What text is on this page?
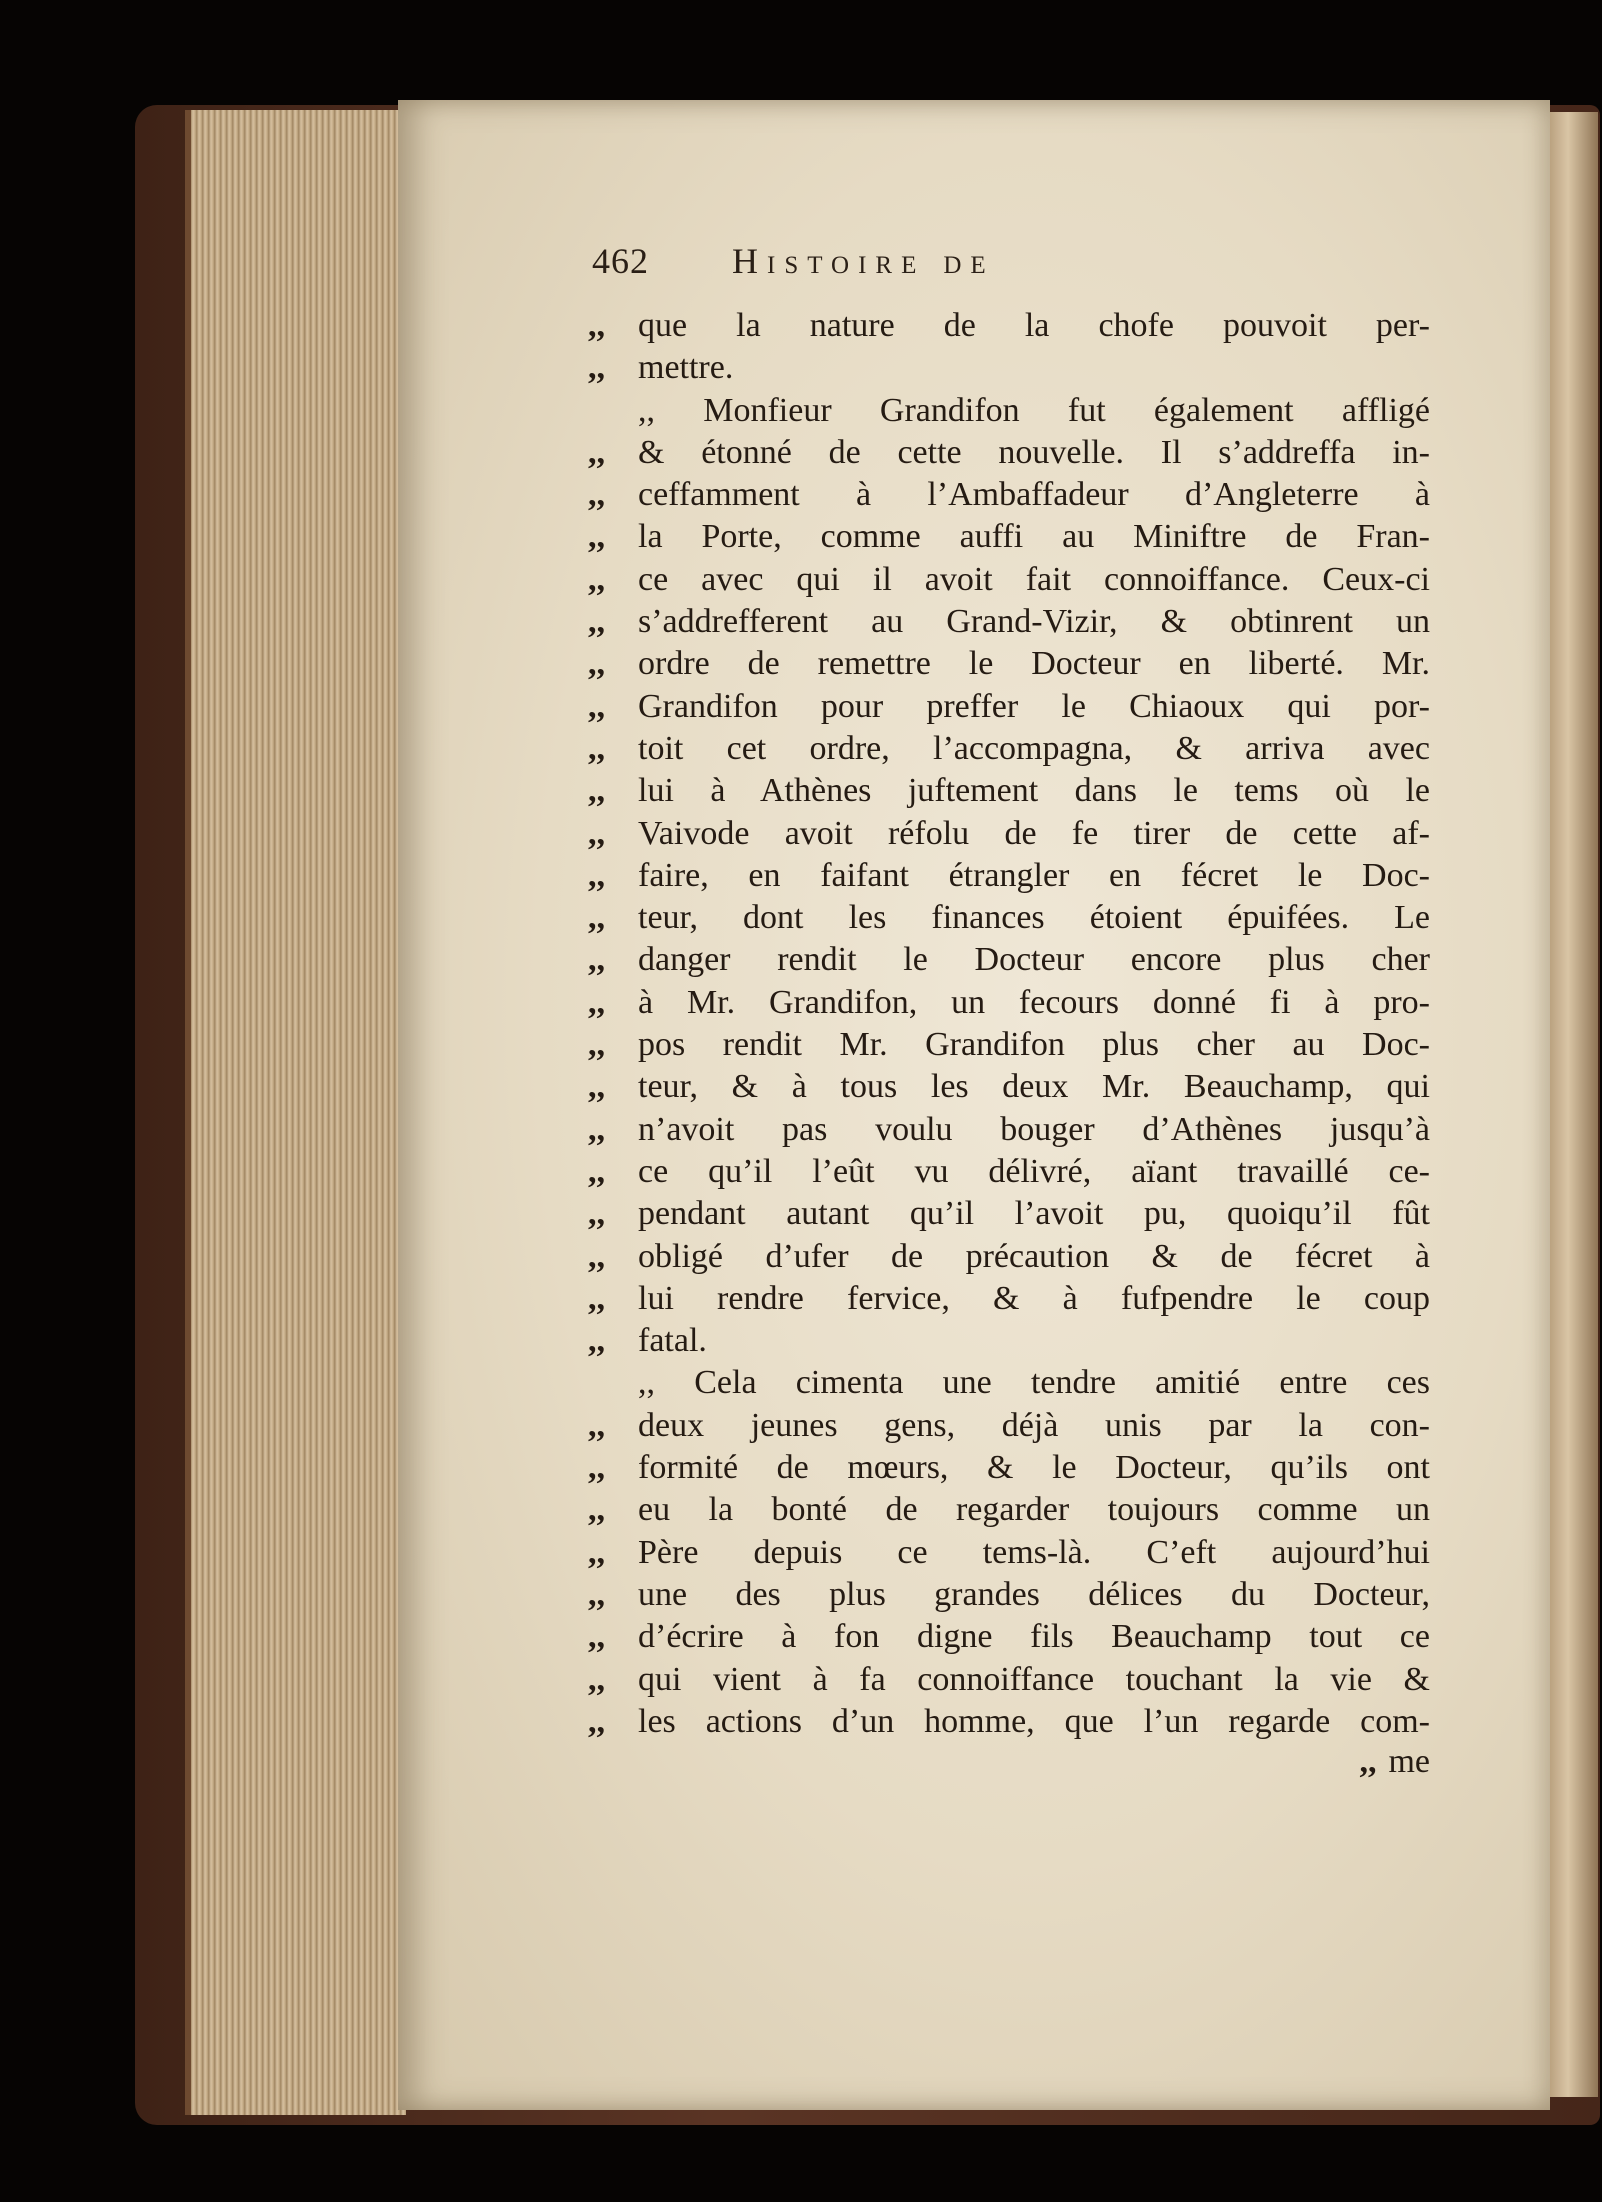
462 Histoire de
,, que la nature de la chofe pouvoit per-
,, mettre.
,, Monfieur Grandifon fut également affligé
,, & étonné de cette nouvelle. Il s’addreffa in-
,, ceffamment à l’Ambaffadeur d’Angleterre à
,, la Porte, comme auffi au Miniftre de Fran-
,, ce avec qui il avoit fait connoiffance. Ceux-ci
,, s’addrefferent au Grand-Vizir, & obtinrent un
,, ordre de remettre le Docteur en liberté. Mr.
,, Grandifon pour preffer le Chiaoux qui por-
,, toit cet ordre, l’accompagna, & arriva avec
,, lui à Athènes juftement dans le tems où le
,, Vaivode avoit réfolu de fe tirer de cette af-
,, faire, en faifant étrangler en fécret le Doc-
,, teur, dont les finances étoient épuifées. Le
,, danger rendit le Docteur encore plus cher
,, à Mr. Grandifon, un fecours donné fi à pro-
,, pos rendit Mr. Grandifon plus cher au Doc-
,, teur, & à tous les deux Mr. Beauchamp, qui
,, n’avoit pas voulu bouger d’Athènes jusqu’à
,, ce qu’il l’eût vu délivré, aïant travaillé ce-
,, pendant autant qu’il l’avoit pu, quoiqu’il fût
,, obligé d’ufer de précaution & de fécret à
,, lui rendre fervice, & à fufpendre le coup
,, fatal.
,, Cela cimenta une tendre amitié entre ces
,, deux jeunes gens, déjà unis par la con-
,, formité de mœurs, & le Docteur, qu’ils ont
,, eu la bonté de regarder toujours comme un
,, Père depuis ce tems-là. C’eft aujourd’hui
,, une des plus grandes délices du Docteur,
,, d’écrire à fon digne fils Beauchamp tout ce
,, qui vient à fa connoiffance touchant la vie &
,, les actions d’un homme, que l’un regarde com-
,, me
